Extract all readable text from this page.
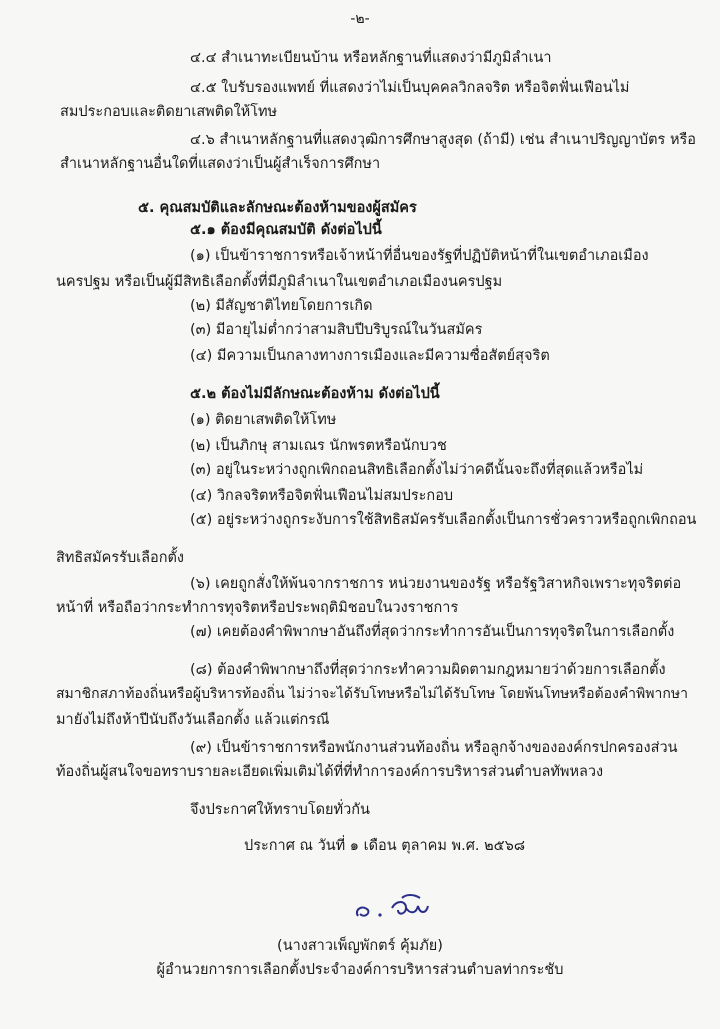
-๒-
๔.๔ สำเนาทะเบียนบ้าน หรือหลักฐานที่แสดงว่ามีภูมิลำเนา
๔.๕ ใบรับรองแพทย์ ที่แสดงว่าไม่เป็นบุคคลวิกลจริต หรือจิตฟั่นเฟือนไม่
สมประกอบและติดยาเสพติดให้โทษ
๔.๖ สำเนาหลักฐานที่แสดงวุฒิการศึกษาสูงสุด (ถ้ามี) เช่น สำเนาปริญญาบัตร หรือ
สำเนาหลักฐานอื่นใดที่แสดงว่าเป็นผู้สำเร็จการศึกษา
๕. คุณสมบัติและลักษณะต้องห้ามของผู้สมัคร
๕.๑ ต้องมีคุณสมบัติ ดังต่อไปนี้
(๑) เป็นข้าราชการหรือเจ้าหน้าที่อื่นของรัฐที่ปฏิบัติหน้าที่ในเขตอำเภอเมือง
นครปฐม หรือเป็นผู้มีสิทธิเลือกตั้งที่มีภูมิลำเนาในเขตอำเภอเมืองนครปฐม
(๒) มีสัญชาติไทยโดยการเกิด
(๓) มีอายุไม่ต่ำกว่าสามสิบปีบริบูรณ์ในวันสมัคร
(๔) มีความเป็นกลางทางการเมืองและมีความซื่อสัตย์สุจริต
๕.๒ ต้องไม่มีลักษณะต้องห้าม ดังต่อไปนี้
(๑) ติดยาเสพติดให้โทษ
(๒) เป็นภิกษุ สามเณร นักพรตหรือนักบวช
(๓) อยู่ในระหว่างถูกเพิกถอนสิทธิเลือกตั้งไม่ว่าคดีนั้นจะถึงที่สุดแล้วหรือไม่
(๔) วิกลจริตหรือจิตฟั่นเฟือนไม่สมประกอบ
(๕) อยู่ระหว่างถูกระงับการใช้สิทธิสมัครรับเลือกตั้งเป็นการชั่วคราวหรือถูกเพิกถอน
สิทธิสมัครรับเลือกตั้ง
(๖) เคยถูกสั่งให้พ้นจากราชการ หน่วยงานของรัฐ หรือรัฐวิสาหกิจเพราะทุจริตต่อ
หน้าที่ หรือถือว่ากระทำการทุจริตหรือประพฤติมิชอบในวงราชการ
(๗) เคยต้องคำพิพากษาอันถึงที่สุดว่ากระทำการอันเป็นการทุจริตในการเลือกตั้ง
(๘) ต้องคำพิพากษาถึงที่สุดว่ากระทำความผิดตามกฎหมายว่าด้วยการเลือกตั้ง
สมาชิกสภาท้องถิ่นหรือผู้บริหารท้องถิ่น ไม่ว่าจะได้รับโทษหรือไม่ได้รับโทษ โดยพ้นโทษหรือต้องคำพิพากษา
มายังไม่ถึงห้าปีนับถึงวันเลือกตั้ง แล้วแต่กรณี
(๙) เป็นข้าราชการหรือพนักงานส่วนท้องถิ่น หรือลูกจ้างขององค์กรปกครองส่วน
ท้องถิ่นผู้สนใจขอทราบรายละเอียดเพิ่มเติมได้ที่ที่ทำการองค์การบริหารส่วนตำบลทัพหลวง
จึงประกาศให้ทราบโดยทั่วกัน
ประกาศ ณ วันที่ ๑ เดือน ตุลาคม พ.ศ. ๒๕๖๘
(นางสาวเพ็ญพักตร์ คุ้มภัย)
ผู้อำนวยการการเลือกตั้งประจำองค์การบริหารส่วนตำบลท่ากระชับ
